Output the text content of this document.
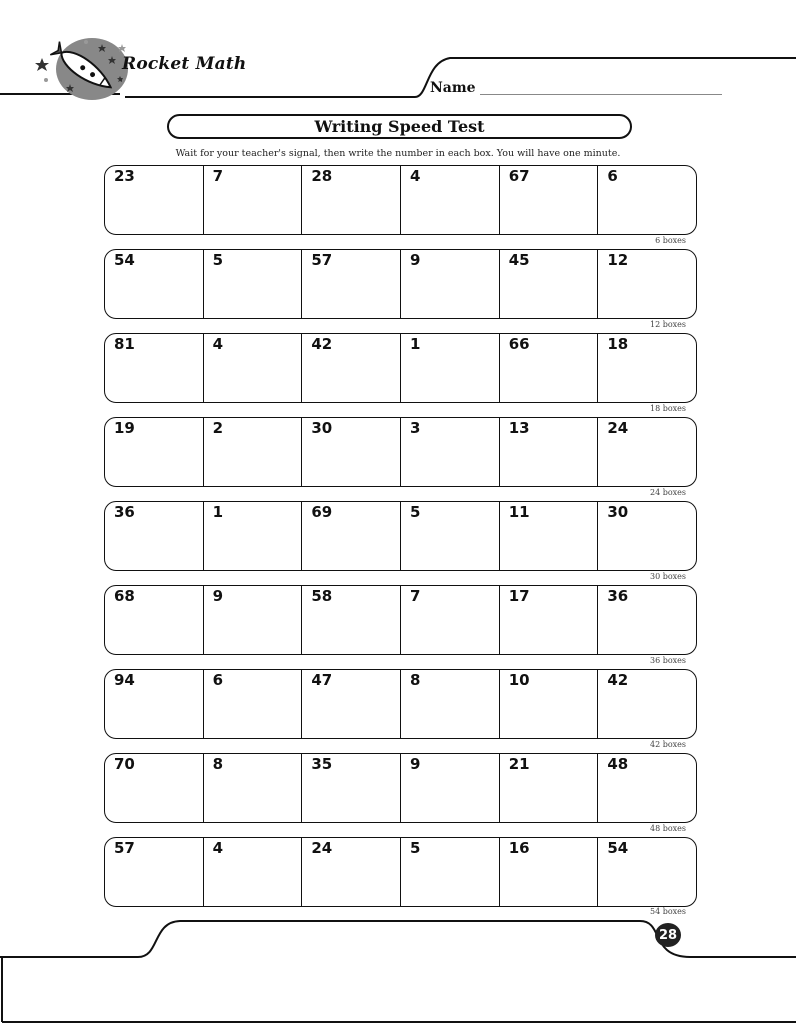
Rocket Math
Name
Writing Speed Test
Wait for your teacher's signal, then write the number in each box. You will have one minute.
23	7	28	4	67	6
6 boxes
54	5	57	9	45	12
12 boxes
81	4	42	1	66	18
18 boxes
19	2	30	3	13	24
24 boxes
36	1	69	5	11	30
30 boxes
68	9	58	7	17	36
36 boxes
94	6	47	8	10	42
42 boxes
70	8	35	9	21	48
48 boxes
57	4	24	5	16	54
54 boxes
28
